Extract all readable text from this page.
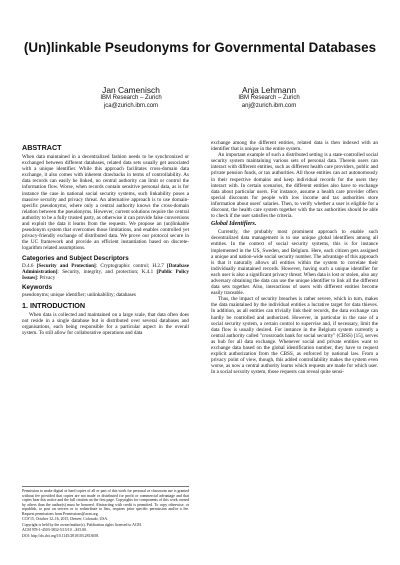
(Un)linkable Pseudonyms for Governmental Databases
Jan Camenisch
IBM Research – Zurich
jca@zurich.ibm.com
Anja Lehmann
IBM Research – Zurich
anj@zurich.ibm.com
ABSTRACT

When data maintained in a decentralized fashion needs to be synchronized or exchanged between different databases, related data sets usually get associated with a unique identifier. While this approach facilitates cross-domain data exchange, it also comes with inherent drawbacks in terms of controllability. As data records can easily be linked, no central authority can limit or control the information flow. Worse, when records contain sensitive personal data, as is for instance the case in national social security systems, such linkability poses a massive security and privacy threat. An alternative approach is to use domain-specific pseudonyms, where only a central authority knows the cross-domain relation between the pseudonyms. However, current solutions require the central authority to be a fully trusted party, as otherwise it can provide false conversions and exploit the data it learns from the requests. We propose an (un)linkable pseudonym system that overcomes those limitations, and enables controlled yet privacy-friendly exchange of distributed data. We prove our protocol secure in the UC framework and provide an efficient instantiation based on discrete-logarithm related assumptions.

Categories and Subject Descriptors

D.4.6 [Security and Protection]: Cryptographic control; H.2.7 [Database Administration]: Security, integrity, and protection; K.4.1 [Public Policy Issues]: Privacy

Keywords

pseudonyms; unique identifier; unlinkability; databases

1. INTRODUCTION

When data is collected and maintained on a large scale, that data often does not reside in a single database but is distributed over several databases and organisations, each being responsible for a particular aspect in the overall system. To still allow for collaborative operations and data

Permission to make digital or hard copies of all or part of this work for personal or classroom use is granted without fee provided that copies are not made or distributed for profit or commercial advantage and that copies bear this notice and the full citation on the first page. Copyrights for components of this work owned by others than the author(s) must be honored. Abstracting with credit is permitted. To copy otherwise, or republish, to post on servers or to redistribute to lists, requires prior specific permission and/or a fee. Request permissions from Permissions@acm.org.

CCS'15, October 12–16, 2015, Denver, Colorado, USA.

Copyright is held by the owner/author(s). Publication rights licensed to ACM.

ACM 978-1-4503-3832-5/15/10 ...$15.00.

DOI: http://dx.doi.org/10.1145/2810103.2813658.

exchange among the different entities, related data is then indexed with an identifier that is unique in the entire system.

An important example of such a distributed setting is a state-controlled social security system maintaining various sets of personal data. Therein users can interact with different entities, such as different health care providers, public and private pension funds, or tax authorities. All those entities can act autonomously in their respective domains and keep individual records for the users they interact with. In certain scenarios, the different entities also have to exchange data about particular users. For instance, assume a health care provider offers special discounts for people with low income and tax authorities store information about users' salaries. Then, to verify whether a user is eligible for a discount, the health care system together with the tax authorities should be able to check if the user satisfies the criteria.

Global Identifiers.

Currently, the probably most prominent approach to enable such decentralized data management is to use unique global identifiers among all entities. In the context of social security systems, this is for instance implemented in the US, Sweden, and Belgium. Here, each citizen gets assigned a unique and nation-wide social security number. The advantage of this approach is that it naturally allows all entities within the system to correlate their individually maintained records. However, having such a unique identifier for each user is also a significant privacy threat: When data is lost or stolen, also any adversary obtaining the data can use the unique identifier to link all the different data sets together. Also, interactions of users with different entities become easily traceable.

Thus, the impact of security breaches is rather severe, which in turn, makes the data maintained by the individual entities a lucrative target for data thieves. In addition, as all entities can trivially link their records, the data exchange can hardly be controlled and authorized. However, in particular in the case of a social security system, a certain control to supervise and, if necessary, limit the data flow is usually desired. For instance in the Belgium system currently a central authority called "crossroads bank for social security" (CBSS) [15], serves as hub for all data exchange. Whenever social and private entities want to exchange data based on the global identification number, they have to request explicit authorization from the CBSS, as enforced by national law. From a privacy point of view, though, this added controllability makes the system even worse, as now a central authority learns which requests are made for which user. In a social security system, those requests can reveal quite sensi-
